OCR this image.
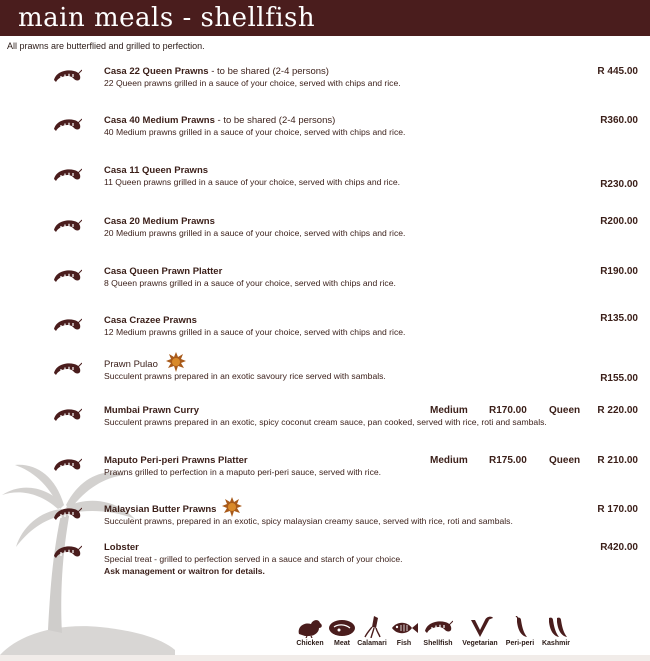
main meals - shellfish
All prawns are butterflied and grilled to perfection.
Casa 22 Queen Prawns - to be shared (2-4 persons)
22 Queen prawns grilled in a sauce of your choice, served with chips and rice.
R 445.00
Casa 40 Medium Prawns - to be shared (2-4 persons)
40 Medium prawns grilled in a sauce of your choice, served with chips and rice.
R360.00
Casa 11 Queen Prawns
11 Queen prawns grilled in a sauce of your choice, served with chips and rice.	R230.00
Casa 20 Medium Prawns
20 Medium prawns grilled in a sauce of your choice, served with chips and rice.
R200.00
Casa Queen Prawn Platter
8 Queen prawns grilled in a sauce of your choice, served with chips and rice.
R190.00
Casa Crazee Prawns
12 Medium prawns grilled in a sauce of your choice, served with chips and rice.
R135.00
Prawn Pulao
Succulent prawns prepared in an exotic savoury rice served with sambals.	R155.00
Mumbai Prawn Curry	Medium R170.00 Queen
Succulent prawns prepared in an exotic, spicy coconut cream sauce, pan cooked, served with rice, roti and sambals.
R 220.00
Maputo Peri-peri Prawns Platter	Medium R175.00 Queen
Prawns grilled to perfection in a maputo peri-peri sauce, served with rice.
R 210.00
Malaysian Butter Prawns
Succulent prawns, prepared in an exotic, spicy malaysian creamy sauce, served with rice, roti and sambals.
R 170.00
Lobster
Special treat - grilled to perfection served in a sauce and starch of your choice.
Ask management or waitron for details.
R420.00
Chicken	Meat	Calamari	Fish	Shellfish	Vegetarian	Peri-peri	Kashmir
